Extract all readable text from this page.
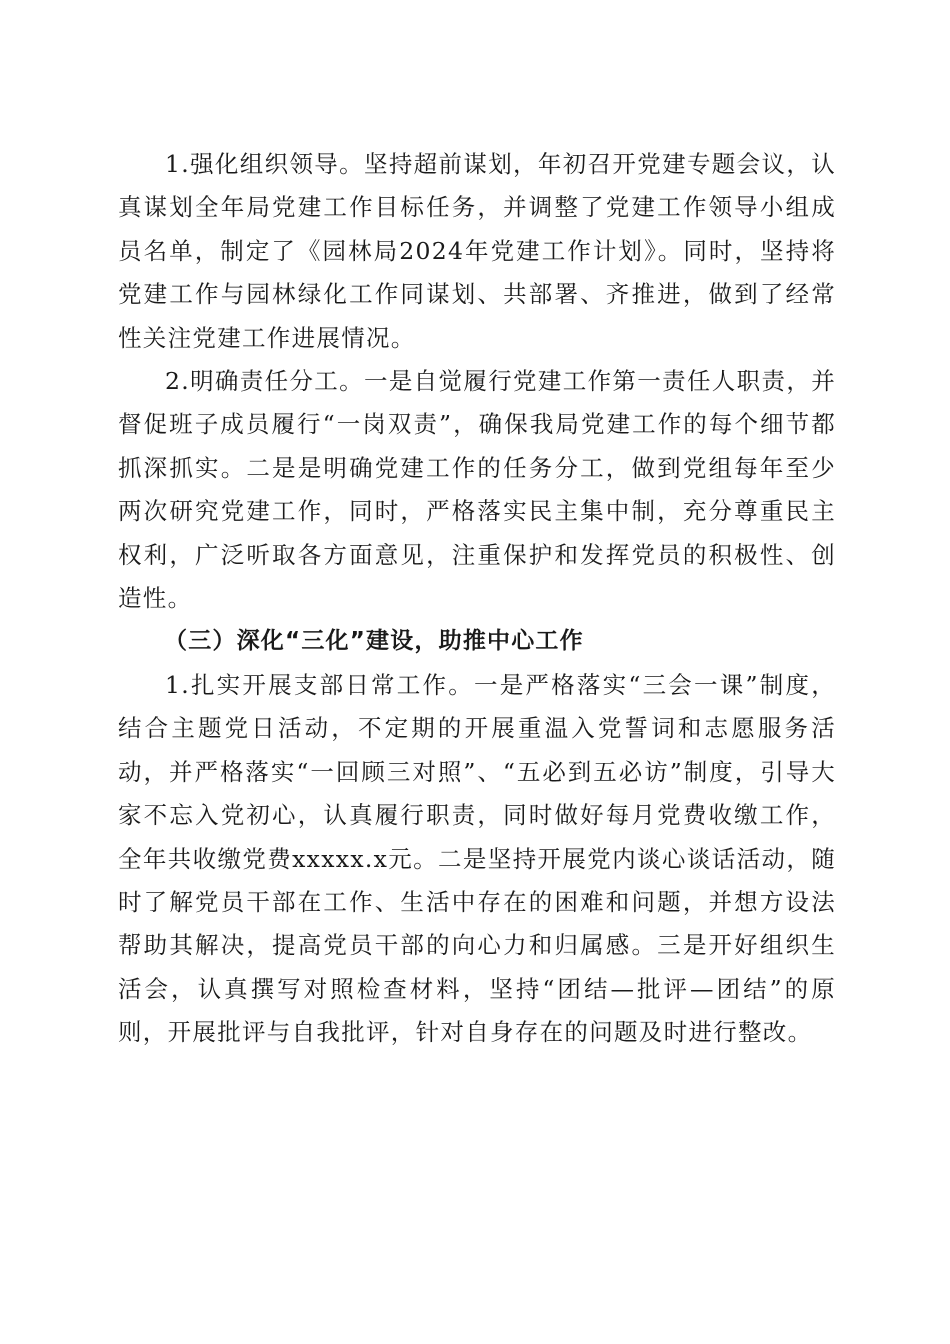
1.强化组织领导。坚持超前谋划，年初召开党建专题会议，认真谋划全年局党建工作目标任务，并调整了党建工作领导小组成员名单，制定了《园林局2024年党建工作计划》。同时，坚持将党建工作与园林绿化工作同谋划、共部署、齐推进，做到了经常性关注党建工作进展情况。

2.明确责任分工。一是自觉履行党建工作第一责任人职责，并督促班子成员履行“一岗双责”，确保我局党建工作的每个细节都抓深抓实。二是是明确党建工作的任务分工，做到党组每年至少两次研究党建工作，同时，严格落实民主集中制，充分尊重民主权利，广泛听取各方面意见，注重保护和发挥党员的积极性、创造性。

（三）深化“三化”建设，助推中心工作

1.扎实开展支部日常工作。一是严格落实“三会一课”制度，结合主题党日活动，不定期的开展重温入党誓词和志愿服务活动，并严格落实“一回顾三对照”、“五必到五必访”制度，引导大家不忘入党初心，认真履行职责，同时做好每月党费收缴工作，全年共收缴党费xxxxx.x元。二是坚持开展党内谈心谈话活动，随时了解党员干部在工作、生活中存在的困难和问题，并想方设法帮助其解决，提高党员干部的向心力和归属感。三是开好组织生活会，认真撰写对照检查材料，坚持“团结—批评—团结”的原则，开展批评与自我批评，针对自身存在的问题及时进行整改。
